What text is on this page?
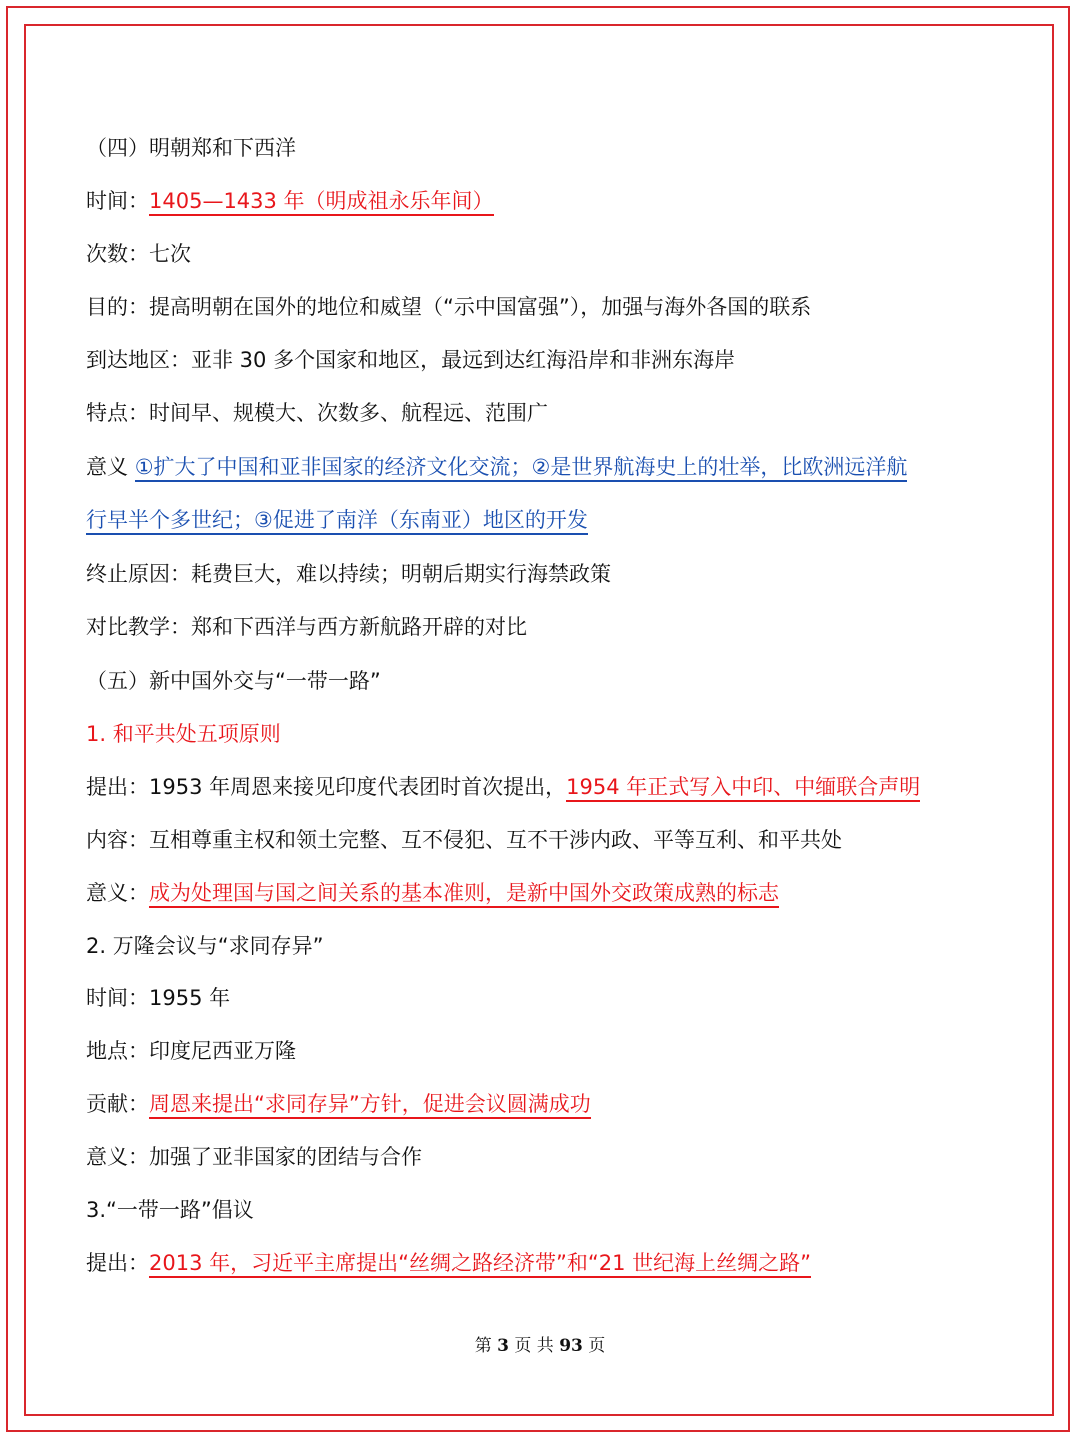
（四）明朝郑和下西洋
时间：1405—1433 年（明成祖永乐年间）
次数：七次
目的：提高明朝在国外的地位和威望（“示中国富强”），加强与海外各国的联系
到达地区：亚非 30 多个国家和地区，最远到达红海沿岸和非洲东海岸
特点：时间早、规模大、次数多、航程远、范围广
意义 ①扩大了中国和亚非国家的经济文化交流；②是世界航海史上的壮举，比欧洲远洋航
行早半个多世纪；③促进了南洋（东南亚）地区的开发
终止原因：耗费巨大，难以持续；明朝后期实行海禁政策
对比教学：郑和下西洋与西方新航路开辟的对比
（五）新中国外交与“一带一路”
1. 和平共处五项原则
提出：1953 年周恩来接见印度代表团时首次提出，1954 年正式写入中印、中缅联合声明
内容：互相尊重主权和领土完整、互不侵犯、互不干涉内政、平等互利、和平共处
意义：成为处理国与国之间关系的基本准则，是新中国外交政策成熟的标志
2. 万隆会议与“求同存异”
时间：1955 年
地点：印度尼西亚万隆
贡献：周恩来提出“求同存异”方针，促进会议圆满成功
意义：加强了亚非国家的团结与合作
3.“一带一路”倡议
提出：2013 年，习近平主席提出“丝绸之路经济带”和“21 世纪海上丝绸之路”
第 3 页 共 93 页
